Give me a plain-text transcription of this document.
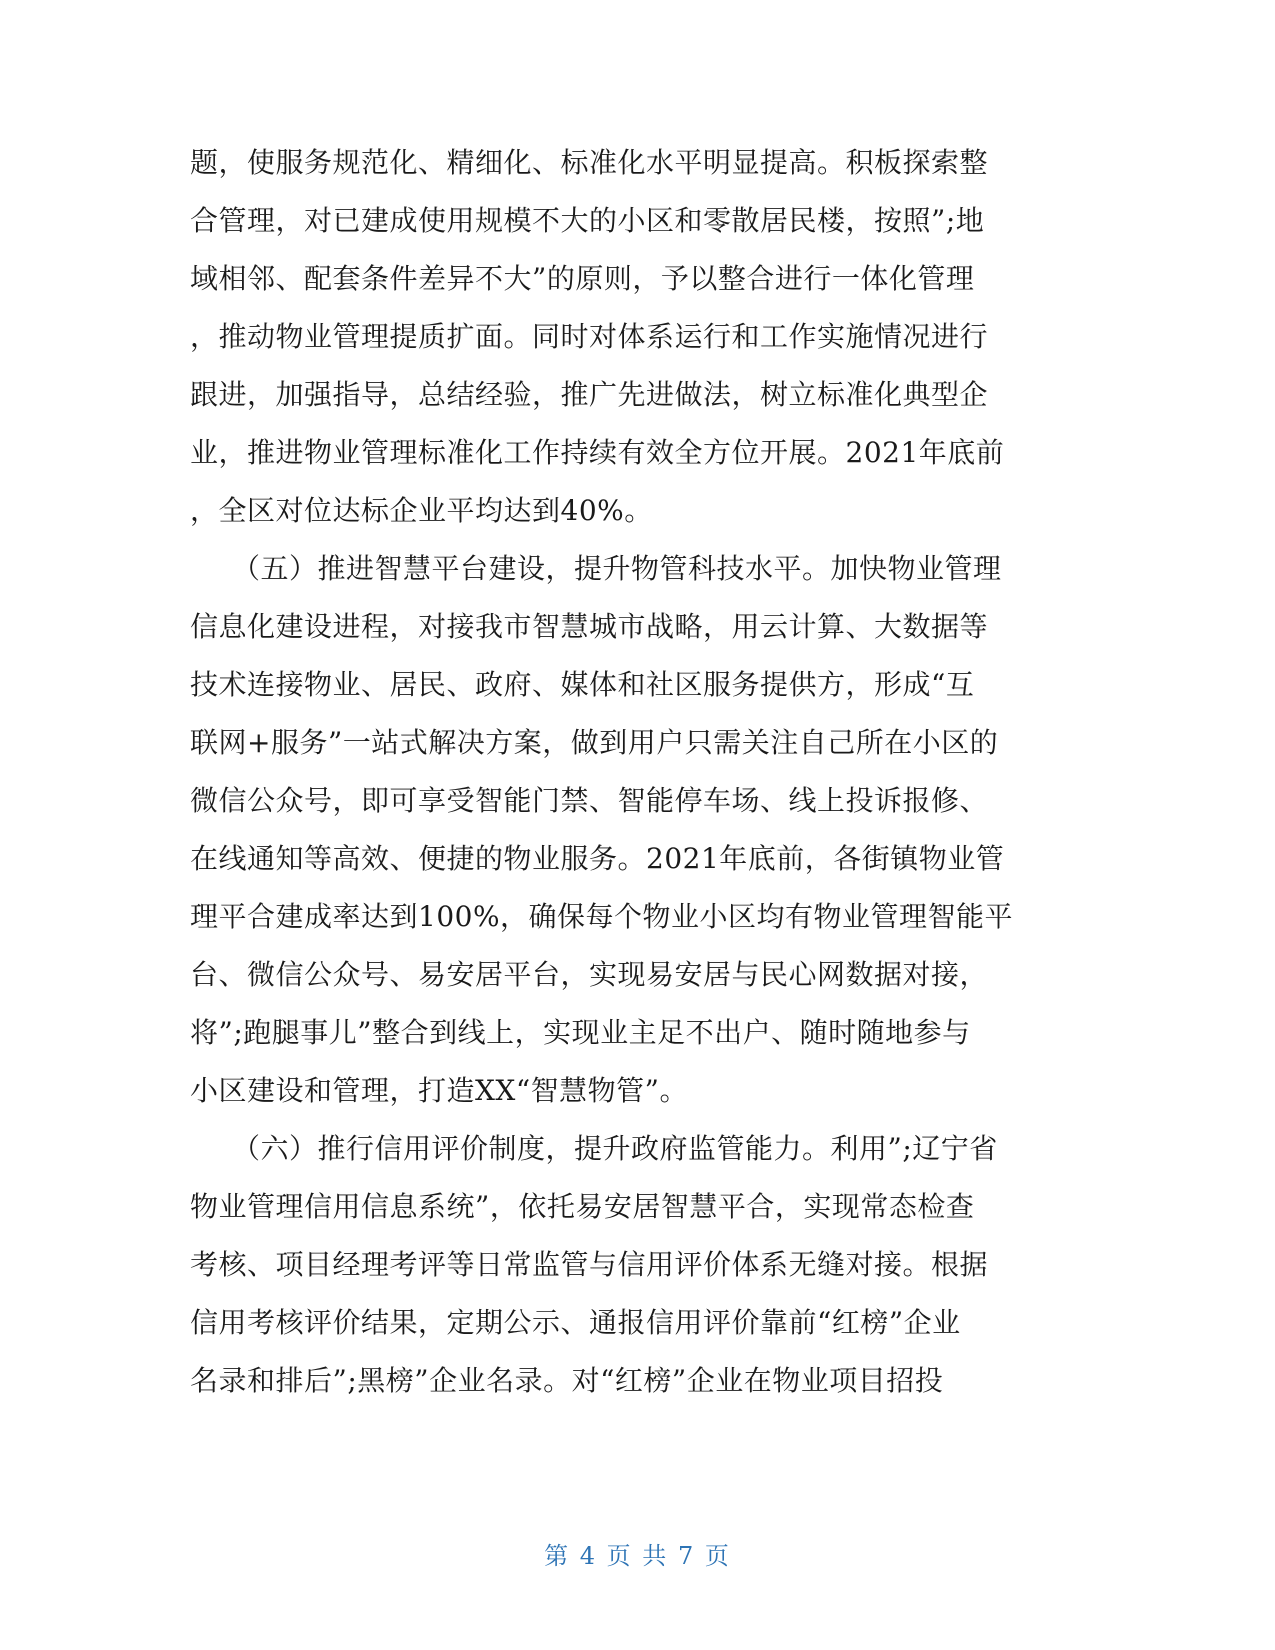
题，使服务规范化、精细化、标准化水平明显提高。积板探索整
合管理，对已建成使用规模不大的小区和零散居民楼，按照”;地
域相邻、配套条件差异不大”的原则，予以整合进行一体化管理
，推动物业管理提质扩面。同时对体系运行和工作实施情况进行
跟进，加强指导，总结经验，推广先进做法，树立标准化典型企
业，推进物业管理标准化工作持续有效全方位开展。2021年底前
，全区对位达标企业平均达到40%。
（五）推进智慧平台建设，提升物管科技水平。加快物业管理
信息化建设进程，对接我市智慧城市战略，用云计算、大数据等
技术连接物业、居民、政府、媒体和社区服务提供方，形成“互
联网+服务”一站式解决方案，做到用户只需关注自己所在小区的
微信公众号，即可享受智能门禁、智能停车场、线上投诉报修、
在线通知等高效、便捷的物业服务。2021年底前，各街镇物业管
理平合建成率达到100%，确保每个物业小区均有物业管理智能平
台、微信公众号、易安居平台，实现易安居与民心网数据对接，
将”;跑腿事儿”整合到线上，实现业主足不出户、随时随地参与
小区建设和管理，打造XX“智慧物管”。
（六）推行信用评价制度，提升政府监管能力。利用”;辽宁省
物业管理信用信息系统”，依托易安居智慧平合，实现常态检查
考核、项目经理考评等日常监管与信用评价体系无缝对接。根据
信用考核评价结果，定期公示、通报信用评价靠前“红榜”企业
名录和排后”;黑榜”企业名录。对“红榜”企业在物业项目招投
第 4 页 共 7 页
